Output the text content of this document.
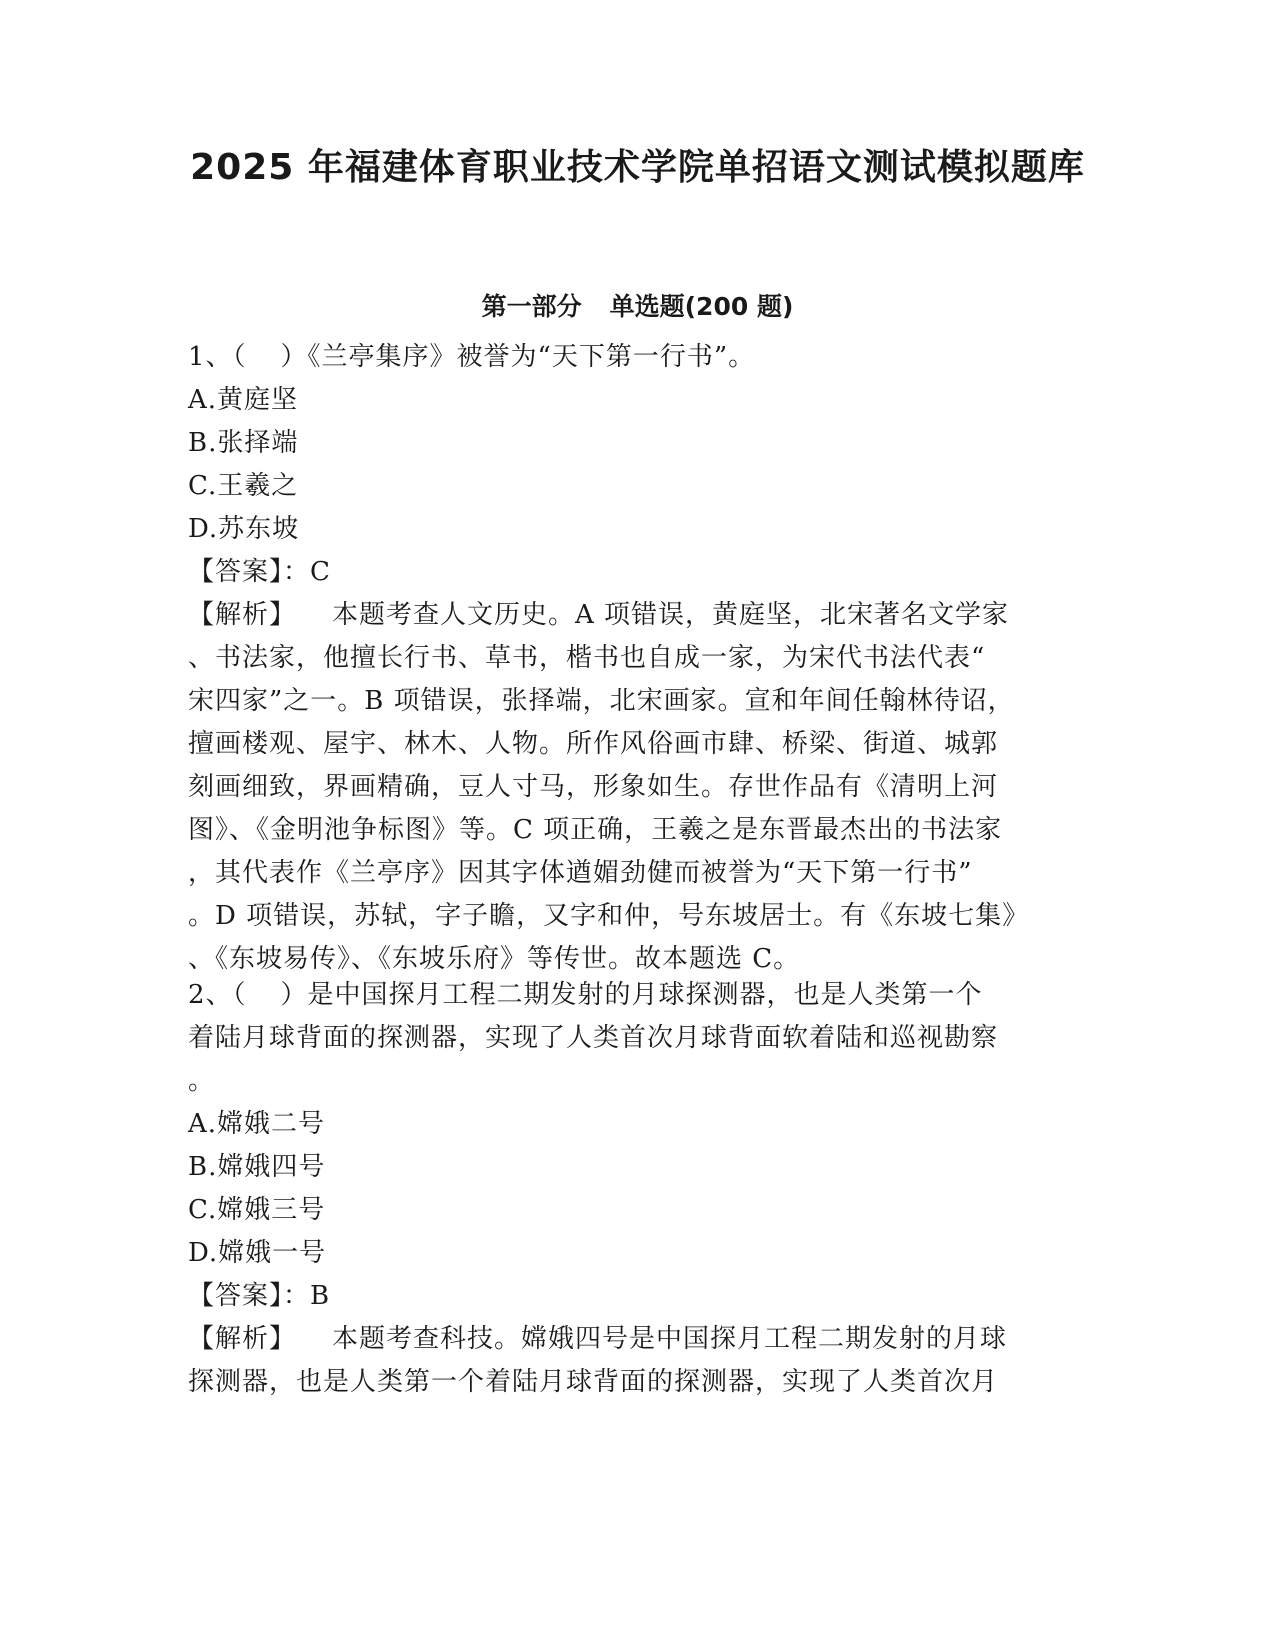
2025 年福建体育职业技术学院单招语文测试模拟题库
第一部分 单选题(200 题)
1、（ ）《兰亭集序》被誉为“天下第一行书”。
A.黄庭坚
B.张择端
C.王羲之
D.苏东坡
【答案】：C
【解析】 本题考查人文历史。A 项错误，黄庭坚，北宋著名文学家
、书法家，他擅长行书、草书，楷书也自成一家，为宋代书法代表“
宋四家”之一。B 项错误，张择端，北宋画家。宣和年间任翰林待诏，
擅画楼观、屋宇、林木、人物。所作风俗画市肆、桥梁、街道、城郭
刻画细致，界画精确，豆人寸马，形象如生。存世作品有《清明上河
图》、《金明池争标图》等。C 项正确，王羲之是东晋最杰出的书法家
，其代表作《兰亭序》因其字体遒媚劲健而被誉为“天下第一行书”
。D 项错误，苏轼，字子瞻，又字和仲，号东坡居士。有《东坡七集》
、《东坡易传》、《东坡乐府》等传世。故本题选 C。
2、（ ）是中国探月工程二期发射的月球探测器，也是人类第一个
着陆月球背面的探测器，实现了人类首次月球背面软着陆和巡视勘察
。
A.嫦娥二号
B.嫦娥四号
C.嫦娥三号
D.嫦娥一号
【答案】：B
【解析】 本题考查科技。嫦娥四号是中国探月工程二期发射的月球
探测器，也是人类第一个着陆月球背面的探测器，实现了人类首次月
